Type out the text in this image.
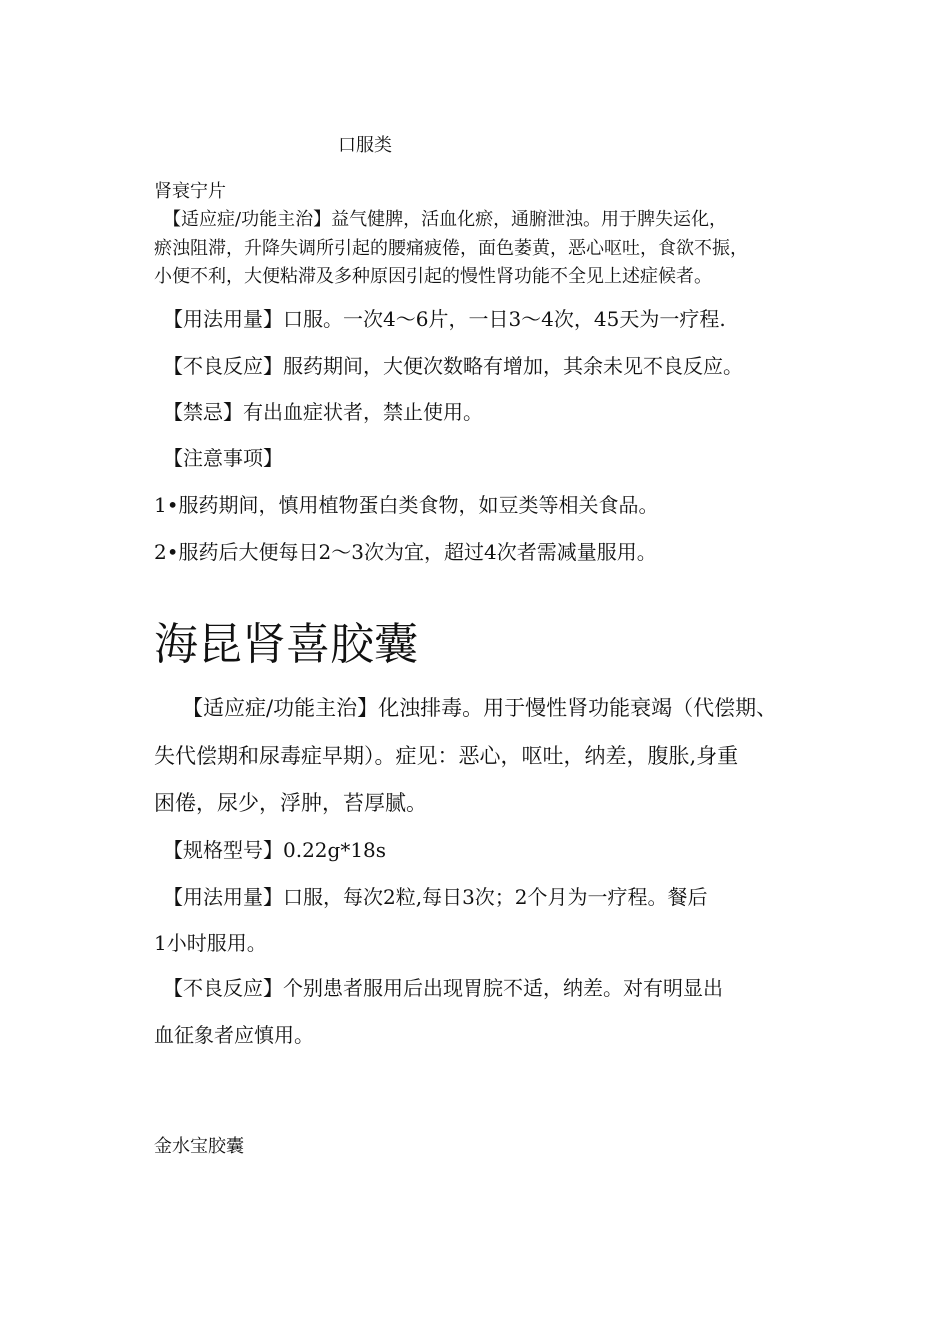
口服类
肾衰宁片
【适应症/功能主治】益气健脾，活血化瘀，通腑泄浊。用于脾失运化，
瘀浊阻滞，升降失调所引起的腰痛疲倦，面色萎黄，恶心呕吐，食欲不振，
小便不利，大便粘滞及多种原因引起的慢性肾功能不全见上述症候者。
【用法用量】口服。一次4～6片，一日3～4次，45天为一疗程.
【不良反应】服药期间，大便次数略有增加，其余未见不良反应。
【禁忌】有出血症状者，禁止使用。
【注意事项】
1•服药期间，慎用植物蛋白类食物，如豆类等相关食品。
2•服药后大便每日2～3次为宜，超过4次者需减量服用。
海昆肾喜胶囊
【适应症/功能主治】化浊排毒。用于慢性肾功能衰竭（代偿期、
失代偿期和尿毒症早期）。症见：恶心，呕吐，纳差，腹胀,身重
困倦，尿少，浮肿，苔厚腻。
【规格型号】0.22g*18s
【用法用量】口服，每次2粒,每日3次；2个月为一疗程。餐后
1小时服用。
【不良反应】个别患者服用后出现胃脘不适，纳差。对有明显出
血征象者应慎用。
金水宝胶囊
